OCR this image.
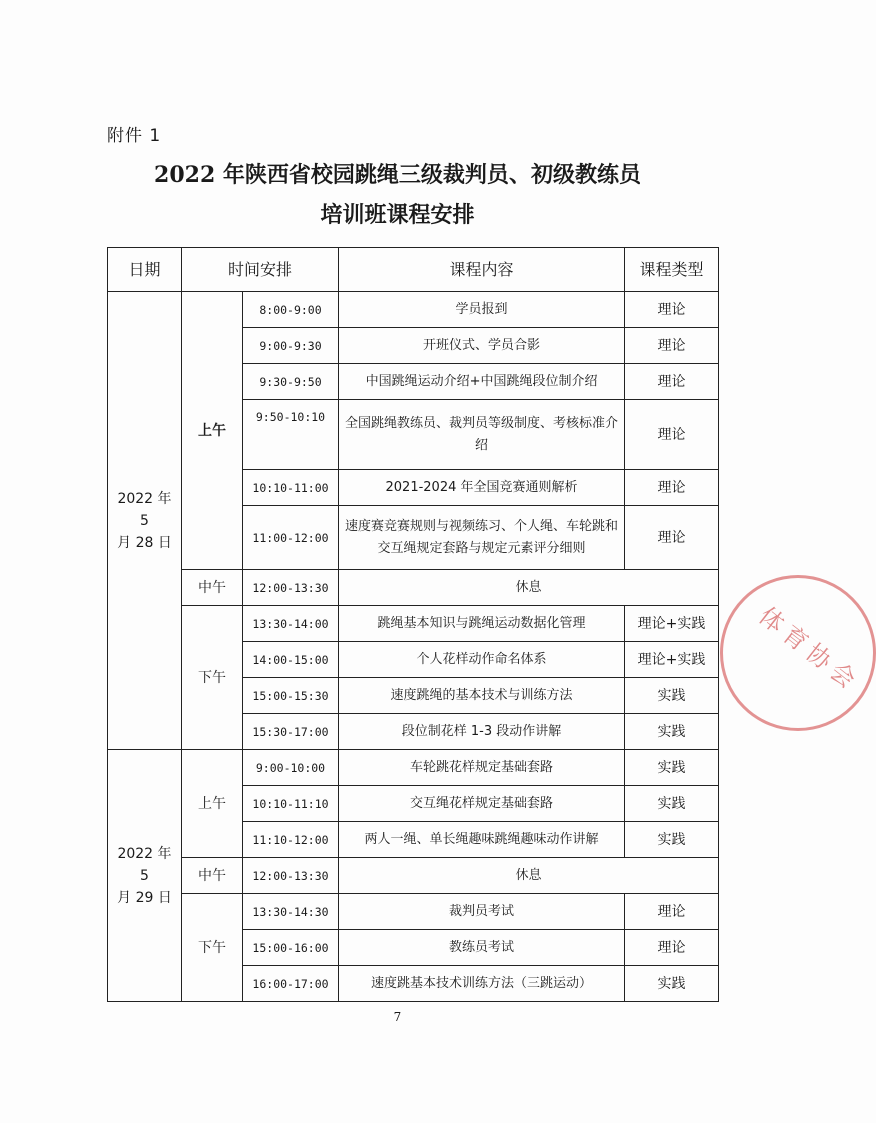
附件 1
2022 年陕西省校园跳绳三级裁判员、初级教练员
培训班课程安排
日期	时间安排		课程内容	课程类型

2022 年 5
月 28 日	上午	8:00-9:00	学员报到	理论
		9:00-9:30	开班仪式、学员合影	理论
		9:30-9:50	中国跳绳运动介绍+中国跳绳段位制介绍	理论
		9:50-10:10	全国跳绳教练员、裁判员等级制度、考核标准介绍	理论
		10:10-11:00	2021-2024 年全国竞赛通则解析	理论
		11:00-12:00	速度赛竞赛规则与视频练习、个人绳、车轮跳和交互绳规定套路与规定元素评分细则	理论
	中午	12:00-13:30	休息	
	下午	13:30-14:00	跳绳基本知识与跳绳运动数据化管理	理论+实践
		14:00-15:00	个人花样动作命名体系	理论+实践
		15:00-15:30	速度跳绳的基本技术与训练方法	实践
		15:30-17:00	段位制花样 1-3 段动作讲解	实践

2022 年 5
月 29 日	上午	9:00-10:00	车轮跳花样规定基础套路	实践
		10:10-11:10	交互绳花样规定基础套路	实践
		11:10-12:00	两人一绳、单长绳趣味跳绳趣味动作讲解	实践
	中午	12:00-13:30	休息	
	下午	13:30-14:30	裁判员考试	理论
		15:00-16:00	教练员考试	理论
		16:00-17:00	速度跳基本技术训练方法（三跳运动）	实践
体育协会
7
